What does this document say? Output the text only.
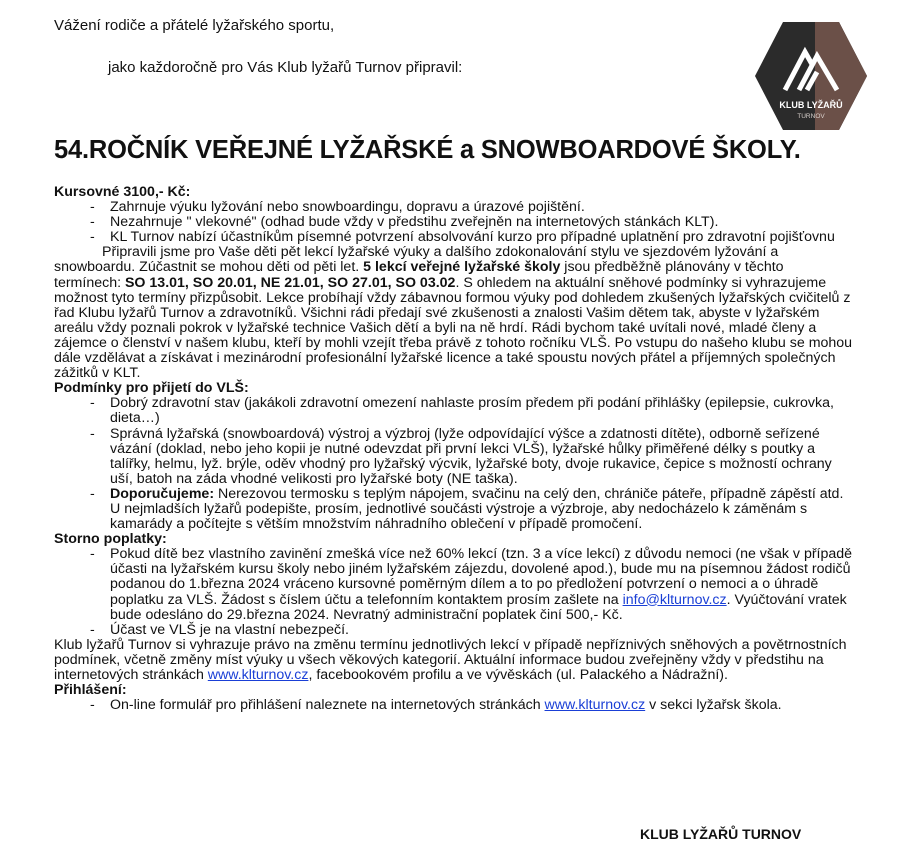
Vážení rodiče a přátelé lyžařského sportu,
jako každoročně pro Vás Klub lyžařů Turnov připravil:
KLUB LYŽAŘŮ
TURNOV
54.ROČNÍK VEŘEJNÉ LYŽAŘSKÉ a SNOWBOARDOVÉ ŠKOLY.
Kursovné 3100,- Kč:
- Zahrnuje výuku lyžování nebo snowboardingu, dopravu a úrazové pojištění.
- Nezahrnuje " vlekovné" (odhad bude vždy v předstihu zveřejněn na internetových stánkách KLT).
- KL Turnov nabízí účastníkům písemné potvrzení absolvování kurzo pro případné uplatnění pro zdravotní pojišťovnu
Připravili jsme pro Vaše děti pět lekcí lyžařské výuky a dalšího zdokonalování stylu ve sjezdovém lyžování a snowboardu. Zúčastnit se mohou děti od pěti let. 5 lekcí veřejné lyžařské školy jsou předběžně plánovány v těchto termínech: SO 13.01, SO 20.01, NE 21.01, SO 27.01, SO 03.02. S ohledem na aktuální sněhové podmínky si vyhrazujeme možnost tyto termíny přizpůsobit. Lekce probíhají vždy zábavnou formou výuky pod dohledem zkušených lyžařských cvičitelů z řad Klubu lyžařů Turnov a zdravotníků. Všichni rádi předají své zkušenosti a znalosti Vašim dětem tak, abyste v lyžařském areálu vždy poznali pokrok v lyžařské technice Vašich dětí a byli na ně hrdí. Rádi bychom také uvítali nové, mladé členy a zájemce o členství v našem klubu, kteří by mohli vzejít třeba právě z tohoto ročníku VLŠ. Po vstupu do našeho klubu se mohou dále vzdělávat a získávat i mezinárodní profesionální lyžařské licence a také spoustu nových přátel a příjemných společných zážitků v KLT.
Podmínky pro přijetí do VLŠ:
- Dobrý zdravotní stav (jakákoli zdravotní omezení nahlaste prosím předem při podání přihlášky (epilepsie, cukrovka, dieta…)
- Správná lyžařská (snowboardová) výstroj a výzbroj (lyže odpovídající výšce a zdatnosti dítěte), odborně seřízené vázání (doklad, nebo jeho kopii je nutné odevzdat při první lekci VLŠ), lyžařské hůlky přiměřené délky s poutky a talířky, helmu, lyž. brýle, oděv vhodný pro lyžařský výcvik, lyžařské boty, dvoje rukavice, čepice s možností ochrany uší, batoh na záda vhodné velikosti pro lyžařské boty (NE taška).
- Doporučujeme: Nerezovou termosku s teplým nápojem, svačinu na celý den, chrániče páteře, případně zápěstí atd. U nejmladších lyžařů podepište, prosím, jednotlivé součásti výstroje a výzbroje, aby nedocházelo k záměnám s kamarády a počítejte s větším množstvím náhradního oblečení v případě promočení.
Storno poplatky:
- Pokud dítě bez vlastního zavinění zmešká více než 60% lekcí (tzn. 3 a více lekcí) z důvodu nemoci (ne však v případě účasti na lyžařském kursu školy nebo jiném lyžařském zájezdu, dovolené apod.), bude mu na písemnou žádost rodičů podanou do 1.března 2024 vráceno kursovné poměrným dílem a to po předložení potvrzení o nemoci a o úhradě poplatku za VLŠ. Žádost s číslem účtu a telefonním kontaktem prosím zašlete na info@klturnov.cz. Vyúčtování vratek bude odesláno do 29.března 2024. Nevratný administrační poplatek činí 500,- Kč.
- Účast ve VLŠ je na vlastní nebezpečí.
Klub lyžařů Turnov si vyhrazuje právo na změnu termínu jednotlivých lekcí v případě nepříznivých sněhových a povětrnostních podmínek, včetně změny míst výuky u všech věkových kategorií. Aktuální informace budou zveřejněny vždy v předstihu na internetových stránkách www.klturnov.cz, facebookovém profilu a ve vývěskách (ul. Palackého a Nádražní).
Přihlášení:
- On-line formulář pro přihlášení naleznete na internetových stránkách www.klturnov.cz v sekci lyžařsk škola.
KLUB LYŽAŘŮ TURNOV
